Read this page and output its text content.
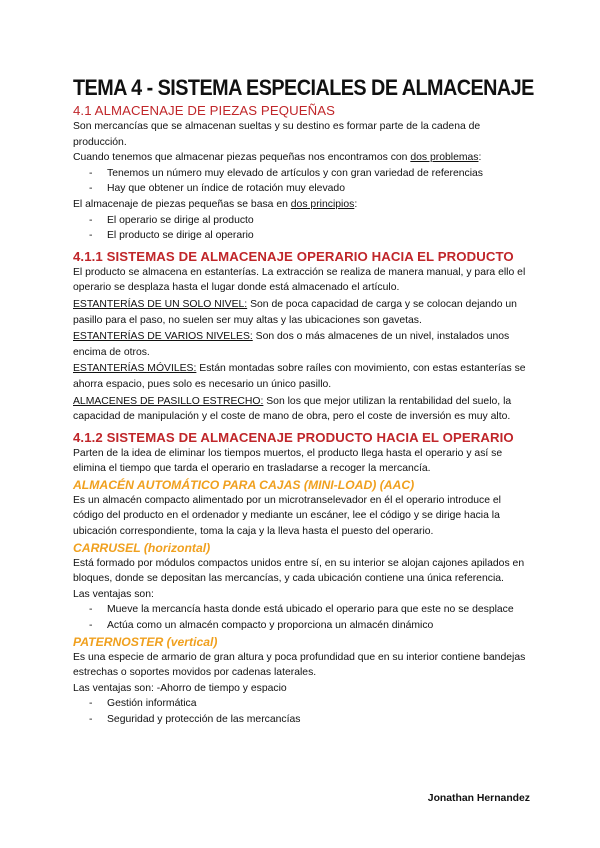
TEMA 4 - SISTEMA ESPECIALES DE ALMACENAJE
4.1 ALMACENAJE DE PIEZAS PEQUEÑAS

Son mercancías que se almacenan sueltas y su destino es formar parte de la cadena de producción.

Cuando tenemos que almacenar piezas pequeñas nos encontramos con dos problemas:

- Tenemos un número muy elevado de artículos y con gran variedad de referencias
- Hay que obtener un índice de rotación muy elevado

El almacenaje de piezas pequeñas se basa en dos principios:

- El operario se dirige al producto
- El producto se dirige al operario
4.1.1 SISTEMAS DE ALMACENAJE OPERARIO HACIA EL PRODUCTO

El producto se almacena en estanterías. La extracción se realiza de manera manual, y para ello el operario se desplaza hasta el lugar donde está almacenado el artículo.

ESTANTERÍAS DE UN SOLO NIVEL: Son de poca capacidad de carga y se colocan dejando un pasillo para el paso, no suelen ser muy altas y las ubicaciones son gavetas.

ESTANTERÍAS DE VARIOS NIVELES: Son dos o más almacenes de un nivel, instalados unos encima de otros.

ESTANTERÍAS MÓVILES: Están montadas sobre raíles con movimiento, con estas estanterías se ahorra espacio, pues solo es necesario un único pasillo.

ALMACENES DE PASILLO ESTRECHO: Son los que mejor utilizan la rentabilidad del suelo, la capacidad de manipulación y el coste de mano de obra, pero el coste de inversión es muy alto.

4.1.2 SISTEMAS DE ALMACENAJE PRODUCTO HACIA EL OPERARIO

Parten de la idea de eliminar los tiempos muertos, el producto llega hasta el operario y así se elimina el tiempo que tarda el operario en trasladarse a recoger la mercancía.

ALMACÉN AUTOMÁTICO PARA CAJAS (MINI-LOAD) (AAC)

Es un almacén compacto alimentado por un microtranselevador en él el operario introduce el código del producto en el ordenador y mediante un escáner, lee el código y se dirige hacia la ubicación correspondiente, toma la caja y la lleva hasta el puesto del operario.

CARRUSEL (horizontal)

Está formado por módulos compactos unidos entre sí, en su interior se alojan cajones apilados en bloques, donde se depositan las mercancías, y cada ubicación contiene una única referencia.

Las ventajas son:

- Mueve la mercancía hasta donde está ubicado el operario para que este no se desplace
- Actúa como un almacén compacto y proporciona un almacén dinámico
PATERNOSTER (vertical)

Es una especie de armario de gran altura y poca profundidad que en su interior contiene bandejas estrechas o soportes movidos por cadenas laterales.

Las ventajas son: -Ahorro de tiempo y espacio

- Gestión informática
- Seguridad y protección de las mercancías
Jonathan Hernandez
